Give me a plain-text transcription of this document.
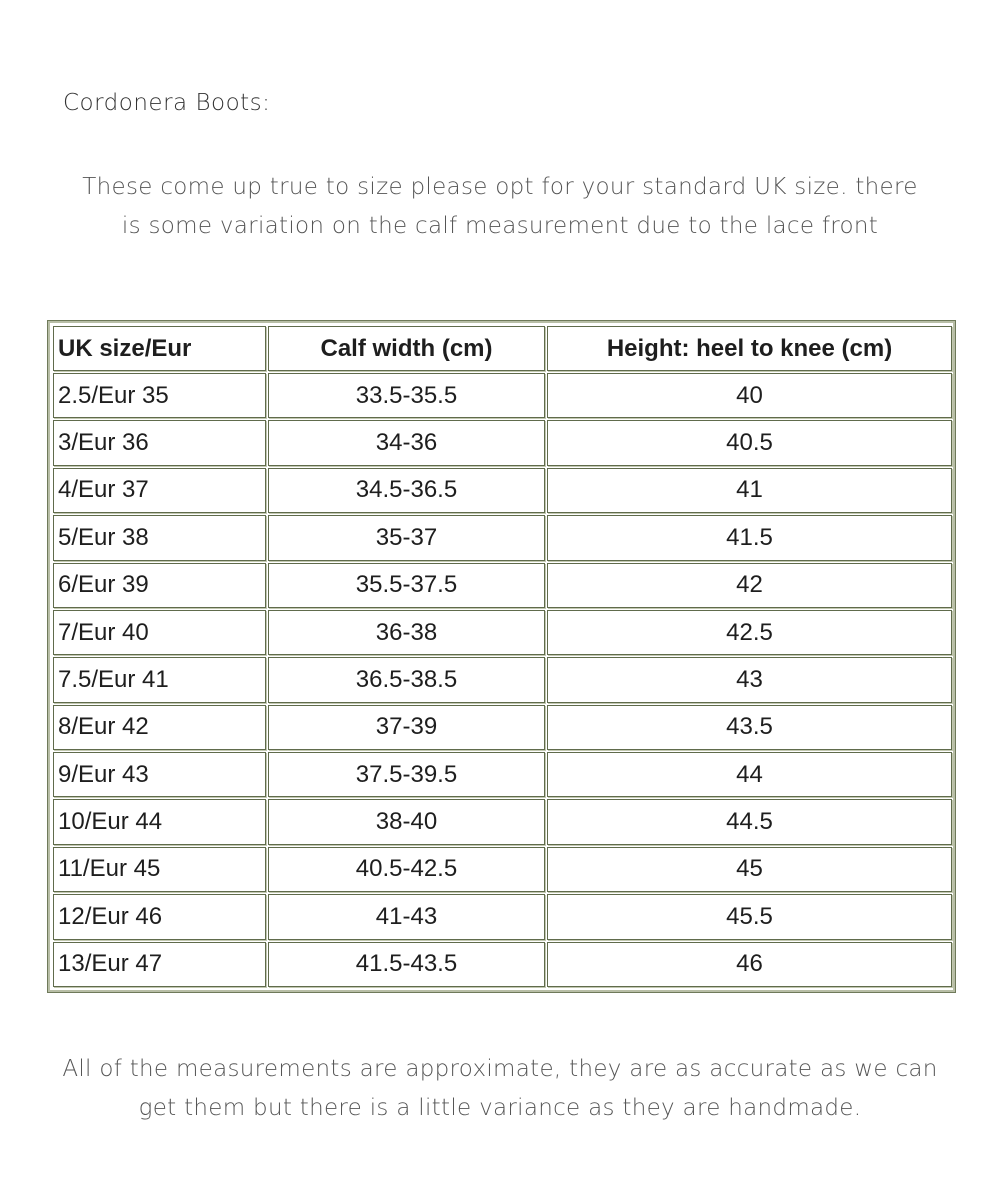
Cordonera Boots:
These come up true to size please opt for your standard UK size. there
is some variation on the calf measurement due to the lace front
UK size/Eur	Calf width (cm)	Height: heel to knee (cm)
2.5/Eur 35	33.5-35.5	40
3/Eur 36	34-36	40.5
4/Eur 37	34.5-36.5	41
5/Eur 38	35-37	41.5
6/Eur 39	35.5-37.5	42
7/Eur 40	36-38	42.5
7.5/Eur 41	36.5-38.5	43
8/Eur 42	37-39	43.5
9/Eur 43	37.5-39.5	44
10/Eur 44	38-40	44.5
11/Eur 45	40.5-42.5	45
12/Eur 46	41-43	45.5
13/Eur 47	41.5-43.5	46
All of the measurements are approximate, they are as accurate as we can
get them but there is a little variance as they are handmade.
